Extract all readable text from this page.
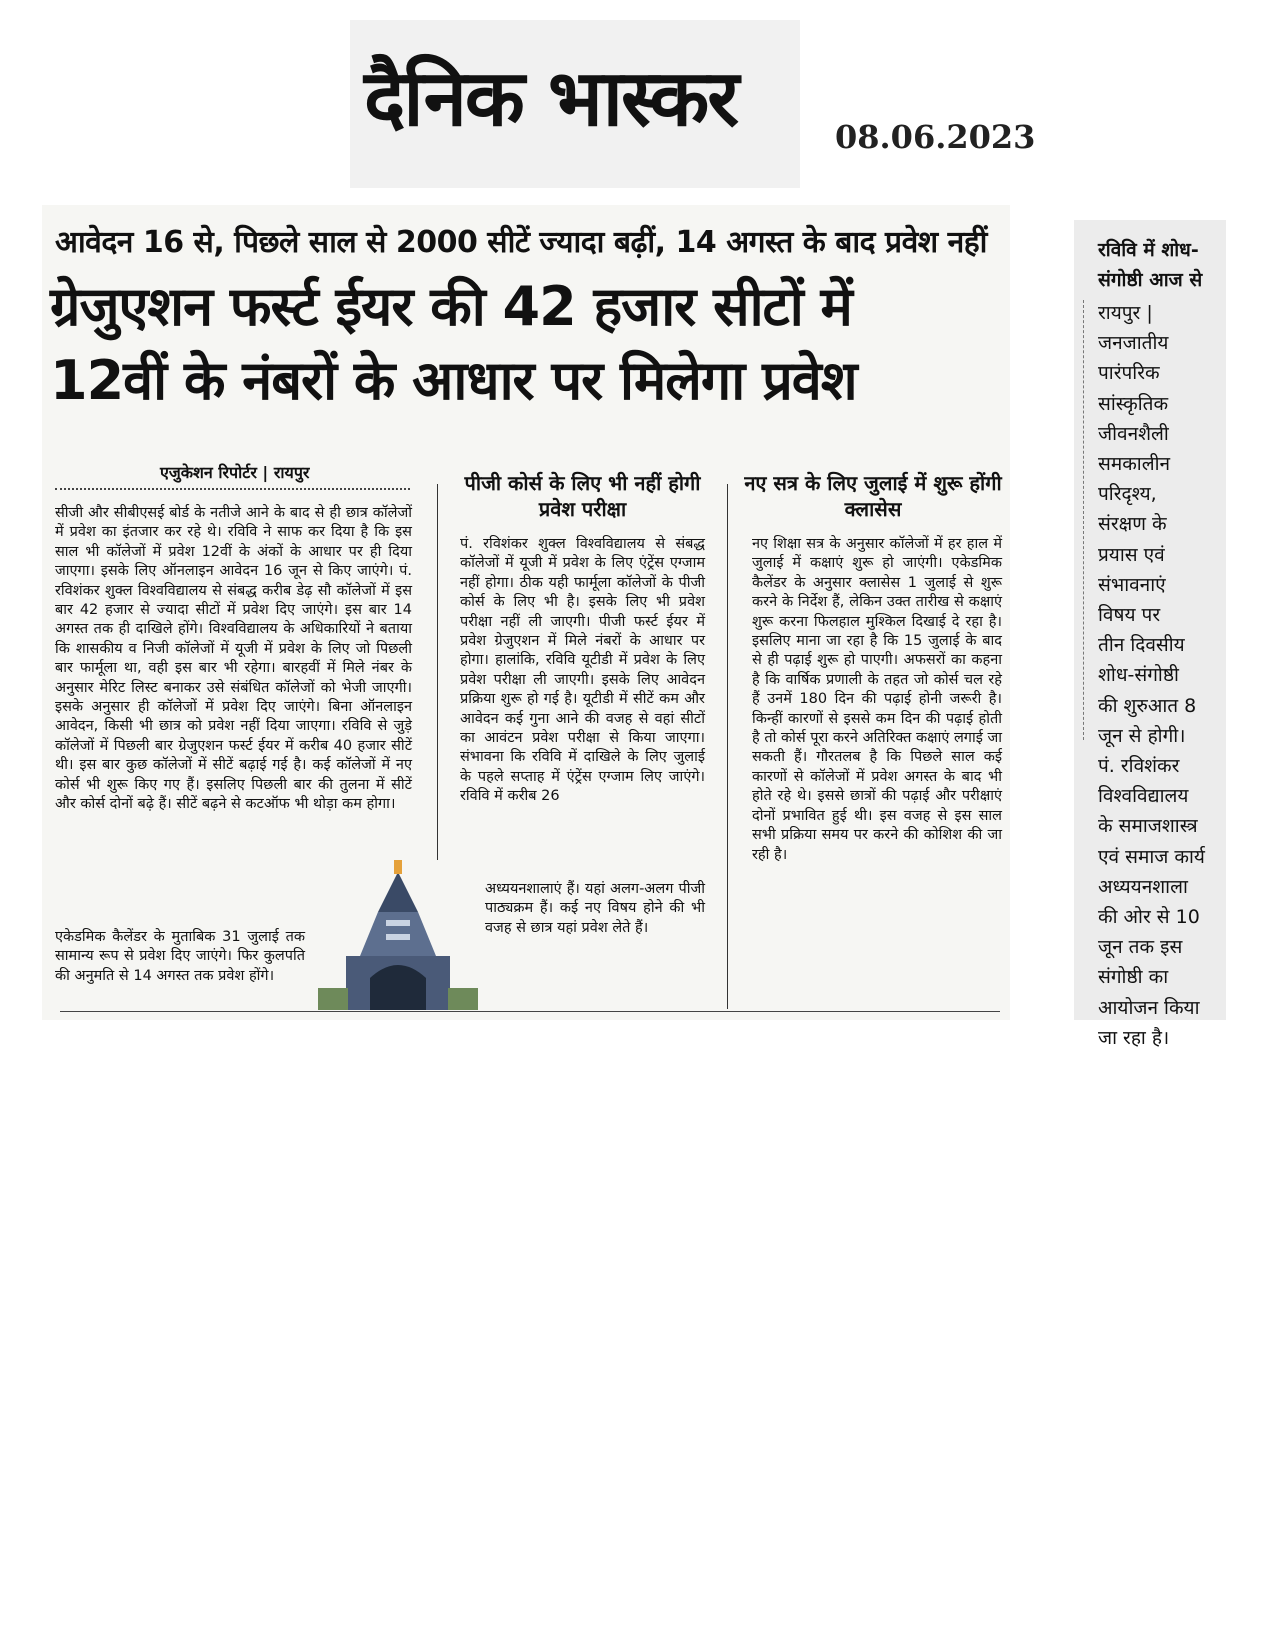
दैनिक भास्कर	08.06.2023
आवेदन 16 से, पिछले साल से 2000 सीटें ज्यादा बढ़ीं, 14 अगस्त के बाद प्रवेश नहीं
ग्रेजुएशन फर्स्ट ईयर की 42 हजार सीटों में
12वीं के नंबरों के आधार पर मिलेगा प्रवेश
एजुकेशन रिपोर्टर | रायपुर
सीजी और सीबीएसई बोर्ड के नतीजे आने के बाद से ही छात्र कॉलेजों में प्रवेश का इंतजार कर रहे थे। रविवि ने साफ कर दिया है कि इस साल भी कॉलेजों में प्रवेश 12वीं के अंकों के आधार पर ही दिया जाएगा। इसके लिए ऑनलाइन आवेदन 16 जून से किए जाएंगे। पं. रविशंकर शुक्ल विश्वविद्यालय से संबद्ध करीब डेढ़ सौ कॉलेजों में इस बार 42 हजार से ज्यादा सीटों में प्रवेश दिए जाएंगे। इस बार 14 अगस्त तक ही दाखिले होंगे। विश्वविद्यालय के अधिकारियों ने बताया कि शासकीय व निजी कॉलेजों में यूजी में प्रवेश के लिए जो पिछली बार फार्मूला था, वही इस बार भी रहेगा। बारहवीं में मिले नंबर के अनुसार मेरिट लिस्ट बनाकर उसे संबंधित कॉलेजों को भेजी जाएगी। इसके अनुसार ही कॉलेजों में प्रवेश दिए जाएंगे। बिना ऑनलाइन आवेदन, किसी भी छात्र को प्रवेश नहीं दिया जाएगा। रविवि से जुड़े कॉलेजों में पिछली बार ग्रेजुएशन फर्स्ट ईयर में करीब 40 हजार सीटें थी। इस बार कुछ कॉलेजों में सीटें बढ़ाई गई है। कई कॉलेजों में नए कोर्स भी शुरू किए गए हैं। इसलिए पिछली बार की तुलना में सीटें और कोर्स दोनों बढ़े हैं। सीटें बढ़ने से कटऑफ भी थोड़ा कम होगा।
एकेडमिक कैलेंडर के मुताबिक 31 जुलाई तक सामान्य रूप से प्रवेश दिए जाएंगे। फिर कुलपति की अनुमति से 14 अगस्त तक प्रवेश होंगे।
पीजी कोर्स के लिए भी नहीं होगी प्रवेश परीक्षा
पं. रविशंकर शुक्ल विश्वविद्यालय से संबद्ध कॉलेजों में यूजी में प्रवेश के लिए एंट्रेंस एग्जाम नहीं होगा। ठीक यही फार्मूला कॉलेजों के पीजी कोर्स के लिए भी है। इसके लिए भी प्रवेश परीक्षा नहीं ली जाएगी। पीजी फर्स्ट ईयर में प्रवेश ग्रेजुएशन में मिले नंबरों के आधार पर होगा। हालांकि, रविवि यूटीडी में प्रवेश के लिए प्रवेश परीक्षा ली जाएगी। इसके लिए आवेदन प्रक्रिया शुरू हो गई है। यूटीडी में सीटें कम और आवेदन कई गुना आने की वजह से वहां सीटों का आवंटन प्रवेश परीक्षा से किया जाएगा। संभावना कि रविवि में दाखिले के लिए जुलाई के पहले सप्ताह में एंट्रेंस एग्जाम लिए जाएंगे। रविवि में करीब 26
अध्ययनशालाएं हैं। यहां अलग-अलग पीजी पाठ्यक्रम हैं। कई नए विषय होने की भी वजह से छात्र यहां प्रवेश लेते हैं।
नए सत्र के लिए जुलाई में शुरू होंगी क्लासेस
नए शिक्षा सत्र के अनुसार कॉलेजों में हर हाल में जुलाई में कक्षाएं शुरू हो जाएंगी। एकेडमिक कैलेंडर के अनुसार क्लासेस 1 जुलाई से शुरू करने के निर्देश हैं, लेकिन उक्त तारीख से कक्षाएं शुरू करना फिलहाल मुश्किल दिखाई दे रहा है। इसलिए माना जा रहा है कि 15 जुलाई के बाद से ही पढ़ाई शुरू हो पाएगी। अफसरों का कहना है कि वार्षिक प्रणाली के तहत जो कोर्स चल रहे हैं उनमें 180 दिन की पढ़ाई होनी जरूरी है। किन्हीं कारणों से इससे कम दिन की पढ़ाई होती है तो कोर्स पूरा करने अतिरिक्त कक्षाएं लगाई जा सकती हैं। गौरतलब है कि पिछले साल कई कारणों से कॉलेजों में प्रवेश अगस्त के बाद भी होते रहे थे। इससे छात्रों की पढ़ाई और परीक्षाएं दोनों प्रभावित हुई थी। इस वजह से इस साल सभी प्रक्रिया समय पर करने की कोशिश की जा रही है।
रविवि में शोध-संगोष्ठी आज से
रायपुर |
जनजातीय
पारंपरिक
सांस्कृतिक
जीवनशैली
समकालीन
परिदृश्य,
संरक्षण के
प्रयास एवं
संभावनाएं
विषय पर
तीन दिवसीय
शोध-संगोष्ठी
की शुरुआत 8
जून से होगी।
पं. रविशंकर
विश्वविद्यालय
के समाजशास्त्र
एवं समाज कार्य
अध्ययनशाला
की ओर से 10
जून तक इस
संगोष्ठी का
आयोजन किया
जा रहा है।
